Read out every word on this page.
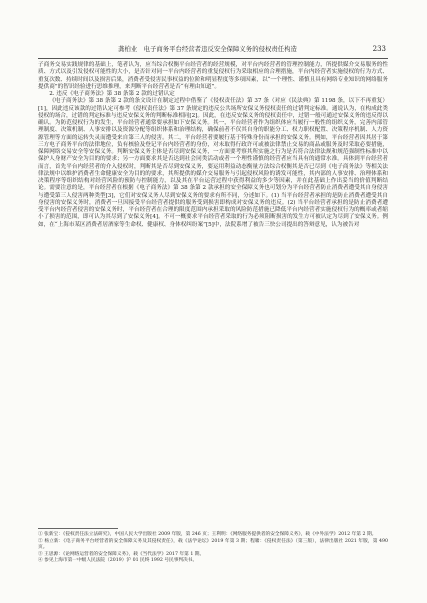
龚柏业　电子商务平台经营者违反安全保障义务的侵权责任构造	233

子商务交易实践规律的基础上，笔者认为，应当综合权衡平台经营者的经营规模，对平台内经营者的管理控制能力，所提供媒介交易服务的性质、方式以及引发侵权可能性的大小，是否针对同一平台内经营者的重复侵权行为采取相应的合理措施，平台内经营者实施侵权的行为方式、重复次数、持续时间以及损害后果，消费者受侵害民事权益的位阶和明显程度等多项因素，以“一个理性、谨慎且具有网络专业知识的网络服务提供商”的智识经验进行思维推理，来判断平台经营者是否“有理由知道”。

2. 违反《电子商务法》第 38 条第 2 款的过错认定

《电子商务法》第 38 条第 2 款的条文设计在制定过程中借鉴了《侵权责任法》第 37 条（对应《民法典》第 1198 条，以下不再重复）[1]，因此违反该款的过错认定可参考《侵权责任法》第 37 条规定的违反公共场所安保义务侵权责任的过错判定标准。通说认为，在构成此类侵权的场合，过错的判定标准与违反安保义务的判断标准相同[2]。因此，在违反安保义务的侵权责任中，过错一般可通过安保义务的违反得以确认。为防范侵权行为的发生，平台经营者通常要承担如下安保义务。其一，平台经营者作为组织体应当履行一般性的组织义务，完善内部管理制度、决策机制、人事安排以及资源分配等组织体系和治理结构，确保前者不仅其自身的职能分工、权力职权配置、决策程序机制、人力资源管理等方面的运转失灵而遭受来自第三人的侵害。其二，平台经营者要履行基于特殊身份而承担的安保义务。例如，平台经营者因其居于第三方电子商务平台的法律地位，负有核验及登记平台内经营者的身份，对未取得行政许可或被法律禁止交易的商品或服务及时采取必要措施，保障网络交易安全等安保义务。判断安保义务主体是否尽到安保义务，一方面要考察其所实施之行为是否符合法律法规和规范强制性标准中以保护人身财产安全为目的的要求；另一方面要求其是否达到社会同类活动或者一个理性谨慎的经营者应当具有的通常水准。具体到平台经营者而言，首先平台内经营者的介入侵权时，判断其是否尽到安保义务，要运用利益动态衡量方法综合权衡其是否已尽到《电子商务法》等相关法律法规中以维护消费者生命健康安全为目的的要求，其所提供的媒介交易服务与引起侵权风险的诱发可能性，其内部的人事安排、治理体系和决策程序等组织结构对经营风险的预防与控制能力，以及其在平台运营过程中获得利益的多少等因素，并在此基础上作出妥当的价值判断结论。需要注意的是，平台经营者在根据《电子商务法》第 38 条第 2 款承担的安全保障义务也可划分为平台经营者防止消费者遭受其自身侵害与遭受第三人侵害两种类型[3]，它们对安保义务人尽到安保义务的要求有所不同，分述如下。(1) 当平台经营者承担的是防止消费者遭受其自身侵害的安保义务时，消费者一旦因接受平台经营者提供的服务受到损害即构成对安保义务的违反。(2) 当平台经营者承担的是防止消费者遭受平台内经营者侵害的安保义务时，平台经营者在合理的限度范围内承担采取的风险防范措施已降低平台内经营者实施侵权行为的概率或者缩小了损害的范围，即可认为其尽到了安保义务[4]。不可一概要求平台经营者采取的行为必须阻断损害的发生方可被认定为尽到了安保义务。例如，在“上海市某区消费者居酒家等生命权、健康权、身体权纠纷案”[5]中，法院系增了被告三快公司提出的答辩意见，认为被告对

① 张新宝：《侵权责任法立法研究》，中国人民大学出版社 2009 年版，第 246 页；王利明：《网络服务提供者的安全保障义务》，载《中外法学》2012 年第 2 期。

② 杨立新：《电子商务平台经营者的安全保障义务及其侵权责任》，载《法学论坛》2019 年第 3 期；程啸：《侵权责任法》（第三版），法律出版社 2021 年版，第 490 页。

③ 王思源：《论网络运营者的安全保障义务》，载《当代法学》2017 年第 1 期。

④ 参见上海市第一中级人民法院（2019）沪 01 民终 1992 号民事判决书。
